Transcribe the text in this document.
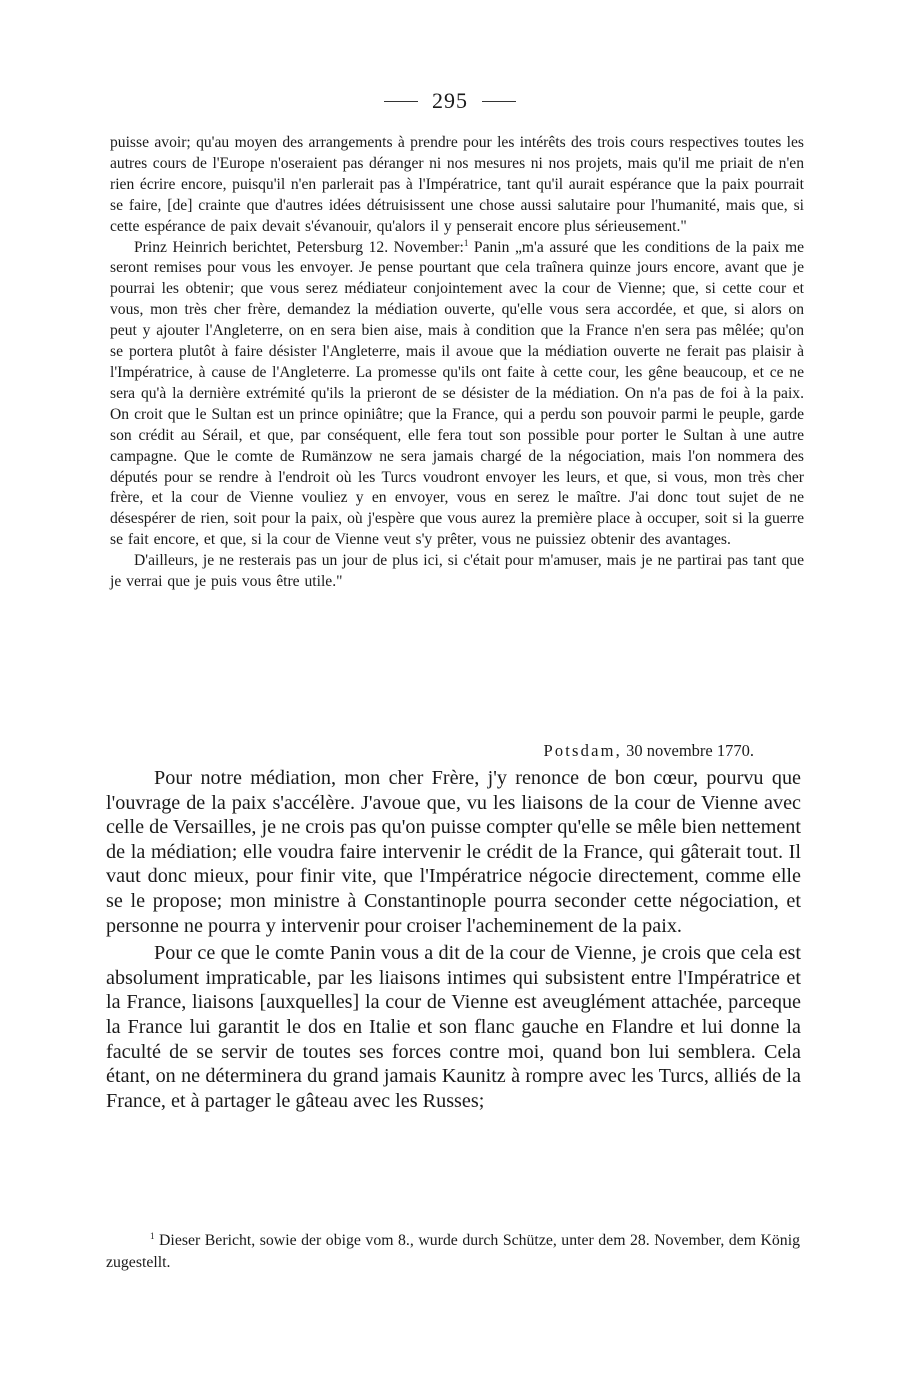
295

puisse avoir; qu'au moyen des arrangements à prendre pour les intérêts des trois cours respectives toutes les autres cours de l'Europe n'oseraient pas déranger ni nos mesures ni nos projets, mais qu'il me priait de n'en rien écrire encore, puisqu'il n'en parlerait pas à l'Impératrice, tant qu'il aurait espérance que la paix pourrait se faire, [de] crainte que d'autres idées détruisissent une chose aussi salutaire pour l'humanité, mais que, si cette espérance de paix devait s'évanouir, qu'alors il y penserait encore plus sérieusement."

Prinz Heinrich berichtet, Petersburg 12. November:$^1$ Panin „m'a assuré que les conditions de la paix me seront remises pour vous les envoyer. Je pense pourtant que cela traînera quinze jours encore, avant que je pourrai les obtenir; que vous serez médiateur conjointement avec la cour de Vienne; que, si cette cour et vous, mon très cher frère, demandez la médiation ouverte, qu'elle vous sera accordée, et que, si alors on peut y ajouter l'Angleterre, on en sera bien aise, mais à condition que la France n'en sera pas mêlée; qu'on se portera plutôt à faire désister l'Angleterre, mais il avoue que la médiation ouverte ne ferait pas plaisir à l'Impératrice, à cause de l'Angleterre. La promesse qu'ils ont faite à cette cour, les gêne beaucoup, et ce ne sera qu'à la dernière extrémité qu'ils la prieront de se désister de la médiation. On n'a pas de foi à la paix. On croit que le Sultan est un prince opiniâtre; que la France, qui a perdu son pouvoir parmi le peuple, garde son crédit au Sérail, et que, par conséquent, elle fera tout son possible pour porter le Sultan à une autre campagne. Que le comte de Rumänzow ne sera jamais chargé de la négociation, mais l'on nommera des députés pour se rendre à l'endroit où les Turcs voudront envoyer les leurs, et que, si vous, mon très cher frère, et la cour de Vienne vouliez y en envoyer, vous en serez le maître. J'ai donc tout sujet de ne désespérer de rien, soit pour la paix, où j'espère que vous aurez la première place à occuper, soit si la guerre se fait encore, et que, si la cour de Vienne veut s'y prêter, vous ne puissiez obtenir des avantages.

D'ailleurs, je ne resterais pas un jour de plus ici, si c'était pour m'amuser, mais je ne partirai pas tant que je verrai que je puis vous être utile."

Potsdam, 30 novembre 1770.

Pour notre médiation, mon cher Frère, j'y renonce de bon cœur, pourvu que l'ouvrage de la paix s'accélère. J'avoue que, vu les liaisons de la cour de Vienne avec celle de Versailles, je ne crois pas qu'on puisse compter qu'elle se mêle bien nettement de la médiation; elle voudra faire intervenir le crédit de la France, qui gâterait tout. Il vaut donc mieux, pour finir vite, que l'Impératrice négocie directement, comme elle se le propose; mon ministre à Constantinople pourra seconder cette négociation, et personne ne pourra y intervenir pour croiser l'acheminement de la paix.

Pour ce que le comte Panin vous a dit de la cour de Vienne, je crois que cela est absolument impraticable, par les liaisons intimes qui subsistent entre l'Impératrice et la France, liaisons [auxquelles] la cour de Vienne est aveuglément attachée, parceque la France lui garantit le dos en Italie et son flanc gauche en Flandre et lui donne la faculté de se servir de toutes ses forces contre moi, quand bon lui semblera. Cela étant, on ne déterminera du grand jamais Kaunitz à rompre avec les Turcs, alliés de la France, et à partager le gâteau avec les Russes;

$^1$ Dieser Bericht, sowie der obige vom 8., wurde durch Schütze, unter dem 28. November, dem König zugestellt.
